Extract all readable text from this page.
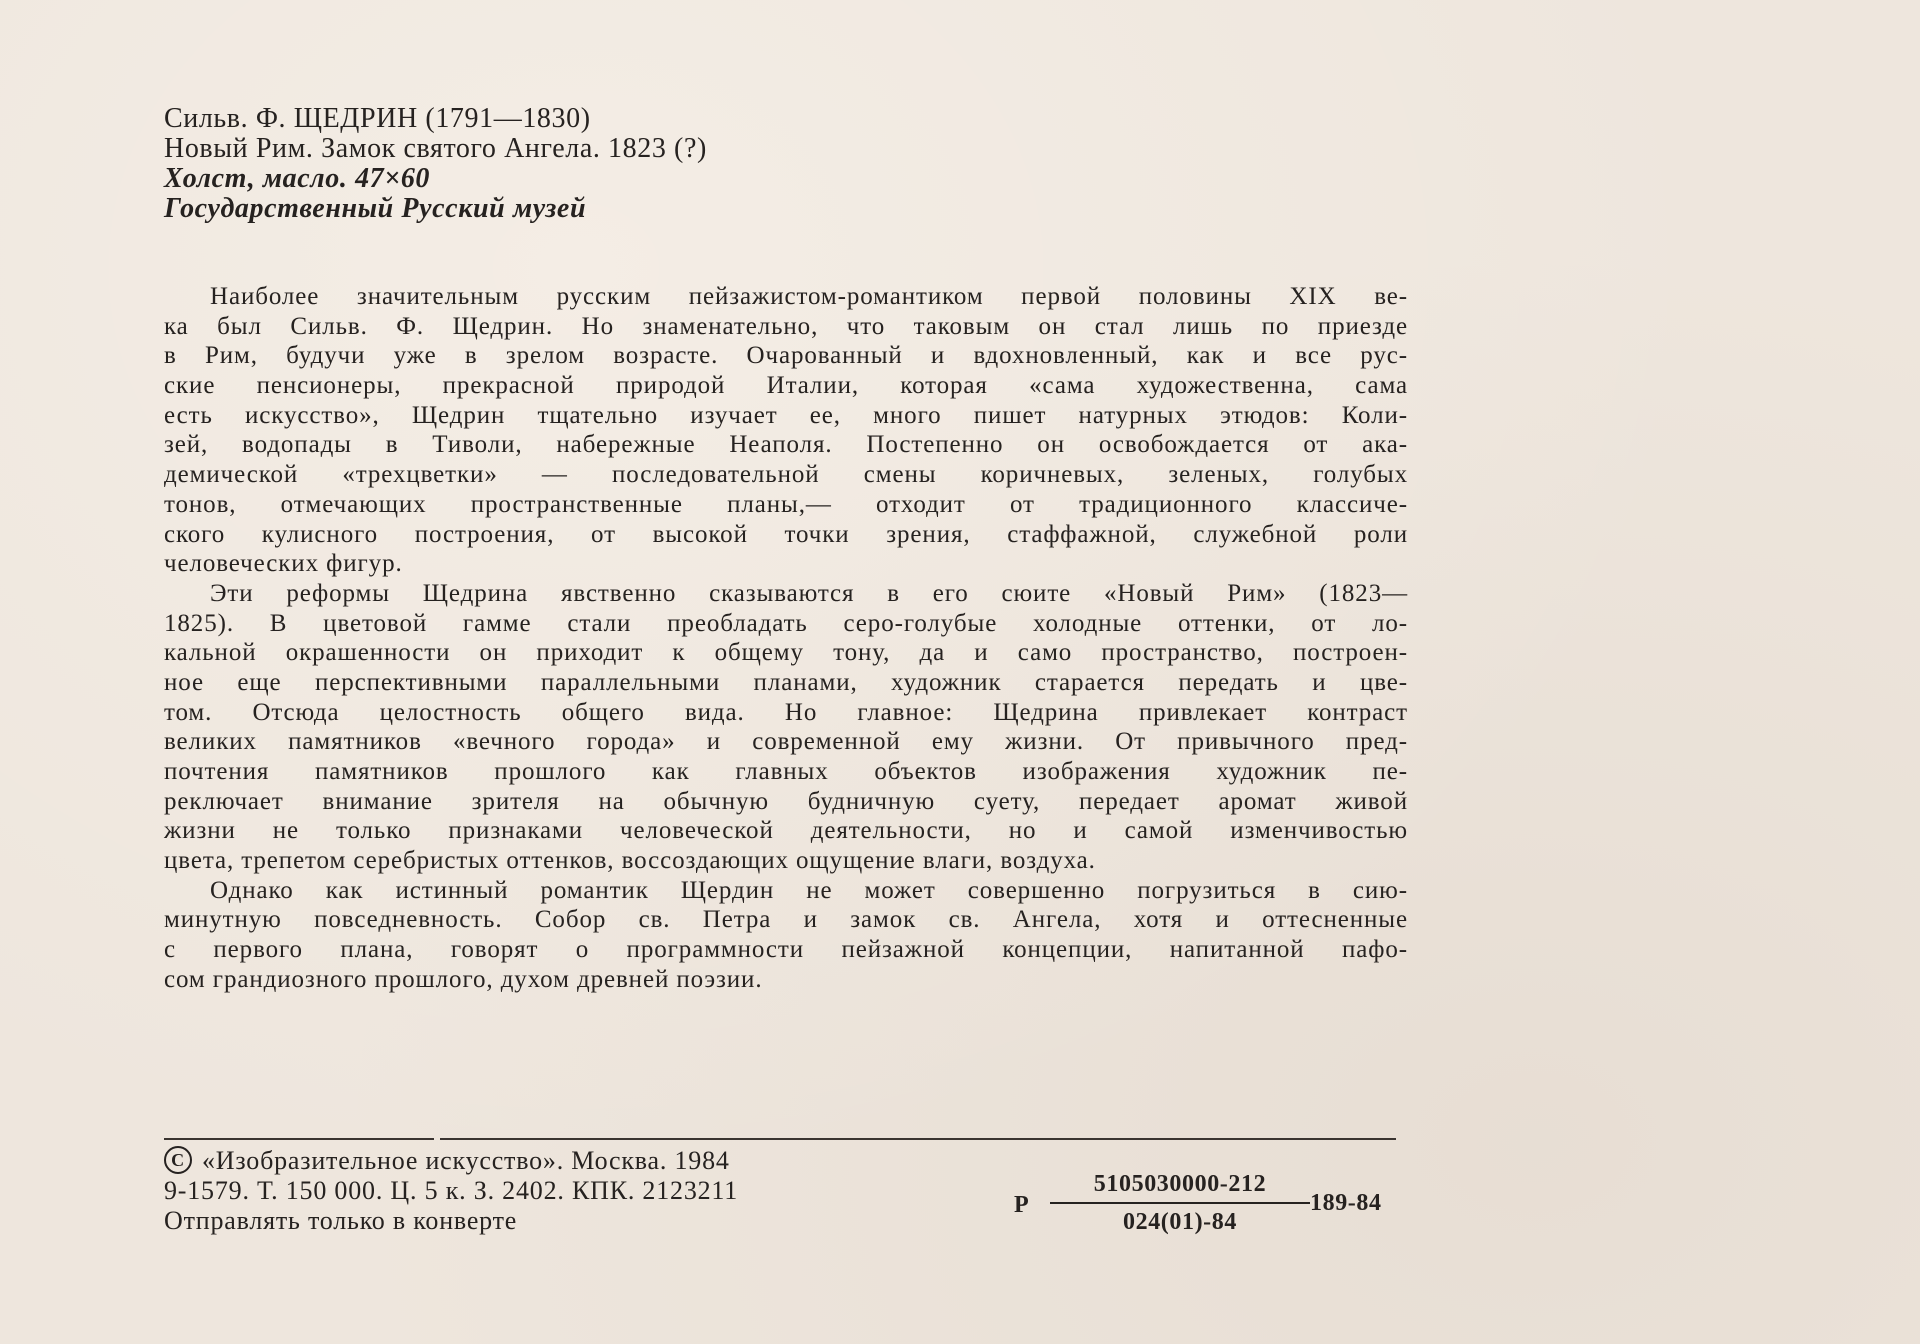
Сильв. Ф. ЩЕДРИН (1791—1830)
Новый Рим. Замок святого Ангела. 1823 (?)
Холст, масло. 47×60
Государственный Русский музей
Наиболее значительным русским пейзажистом-романтиком первой половины XIX ве-
ка был Сильв. Ф. Щедрин. Но знаменательно, что таковым он стал лишь по приезде
в Рим, будучи уже в зрелом возрасте. Очарованный и вдохновленный, как и все рус-
ские пенсионеры, прекрасной природой Италии, которая «сама художественна, сама
есть искусство», Щедрин тщательно изучает ее, много пишет натурных этюдов: Коли-
зей, водопады в Тиволи, набережные Неаполя. Постепенно он освобождается от ака-
демической «трехцветки» — последовательной смены коричневых, зеленых, голубых
тонов, отмечающих пространственные планы,— отходит от традиционного классиче-
ского кулисного построения, от высокой точки зрения, стаффажной, служебной роли
человеческих фигур.
Эти реформы Щедрина явственно сказываются в его сюите «Новый Рим» (1823—
1825). В цветовой гамме стали преобладать серо-голубые холодные оттенки, от ло-
кальной окрашенности он приходит к общему тону, да и само пространство, построен-
ное еще перспективными параллельными планами, художник старается передать и цве-
том. Отсюда целостность общего вида. Но главное: Щедрина привлекает контраст
великих памятников «вечного города» и современной ему жизни. От привычного пред-
почтения памятников прошлого как главных объектов изображения художник пе-
реключает внимание зрителя на обычную будничную суету, передает аромат живой
жизни не только признаками человеческой деятельности, но и самой изменчивостью
цвета, трепетом серебристых оттенков, воссоздающих ощущение влаги, воздуха.
Однако как истинный романтик Щердин не может совершенно погрузиться в сию-
минутную повседневность. Собор св. Петра и замок св. Ангела, хотя и оттесненные
с первого плана, говорят о программности пейзажной концепции, напитанной пафо-
сом грандиозного прошлого, духом древней поэзии.
C «Изобразительное искусство». Москва. 1984
9-1579. Т. 150 000. Ц. 5 к. З. 2402. КПК. 2123211
Отправлять только в конверте
Р
5105030000-212
024(01)-84
189-84
